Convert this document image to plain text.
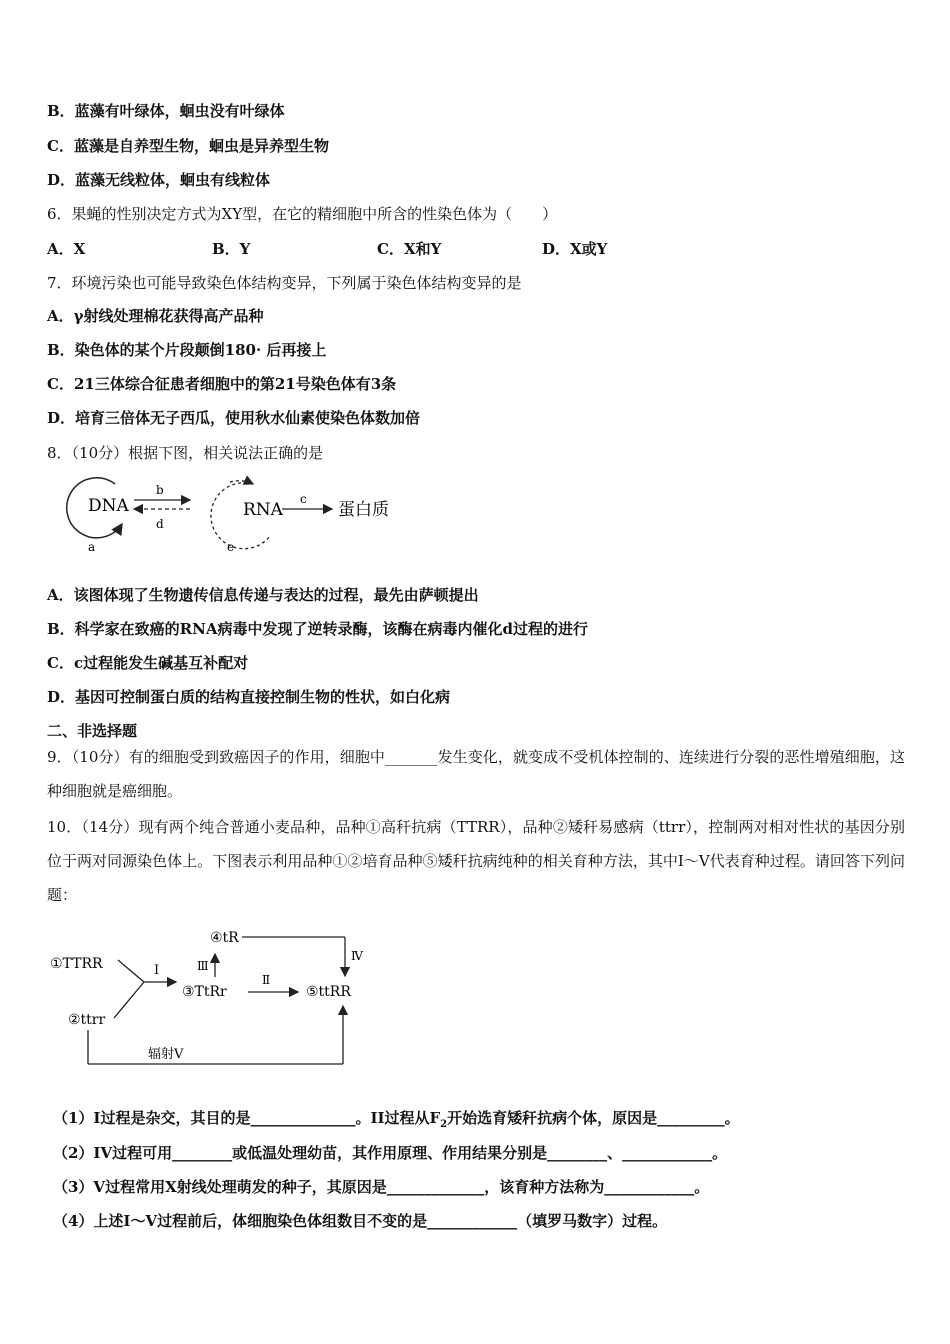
B．蓝藻有叶绿体，蛔虫没有叶绿体
C．蓝藻是自养型生物，蛔虫是异养型生物
D．蓝藻无线粒体，蛔虫有线粒体
6．果蝇的性别决定方式为XY型，在它的精细胞中所含的性染色体为（　　）
A．X	B．Y	C．X和Y	D．X或Y
7．环境污染也可能导致染色体结构变异，下列属于染色体结构变异的是
A．γ射线处理棉花获得高产品种
B．染色体的某个片段颠倒180· 后再接上
C．21三体综合征患者细胞中的第21号染色体有3条
D．培育三倍体无子西瓜，使用秋水仙素使染色体数加倍
8．（10分）根据下图，相关说法正确的是
DNA
a
b
d
RNA
e
c
蛋白质
A．该图体现了生物遗传信息传递与表达的过程，最先由萨顿提出
B．科学家在致癌的RNA病毒中发现了逆转录酶，该酶在病毒内催化d过程的进行
C．c过程能发生碱基互补配对
D．基因可控制蛋白质的结构直接控制生物的性状，如白化病
二、非选择题
9．（10分）有的细胞受到致癌因子的作用，细胞中_______发生变化，就变成不受机体控制的、连续进行分裂的恶性增殖细胞，这种细胞就是癌细胞。
10．（14分）现有两个纯合普通小麦品种，品种①高秆抗病（TTRR），品种②矮秆易感病（ttrr），控制两对相对性状的基因分别位于两对同源染色体上。下图表示利用品种①②培育品种⑤矮秆抗病纯种的相关育种方法，其中Ⅰ～Ⅴ代表育种过程。请回答下列问题：
①TTRR
②ttrr
Ⅰ
③TtRr
Ⅲ
④tR
Ⅳ
Ⅱ
⑤ttRR
辐射Ⅴ
（1）I过程是杂交，其目的是______________。II过程从$F_2$开始选育矮秆抗病个体，原因是_________。
（2）IV过程可用________或低温处理幼苗，其作用原理、作用结果分别是________、____________。
（3）V过程常用X射线处理萌发的种子，其原因是_____________，该育种方法称为____________。
（4）上述I～V过程前后，体细胞染色体组数目不变的是____________（填罗马数字）过程。
